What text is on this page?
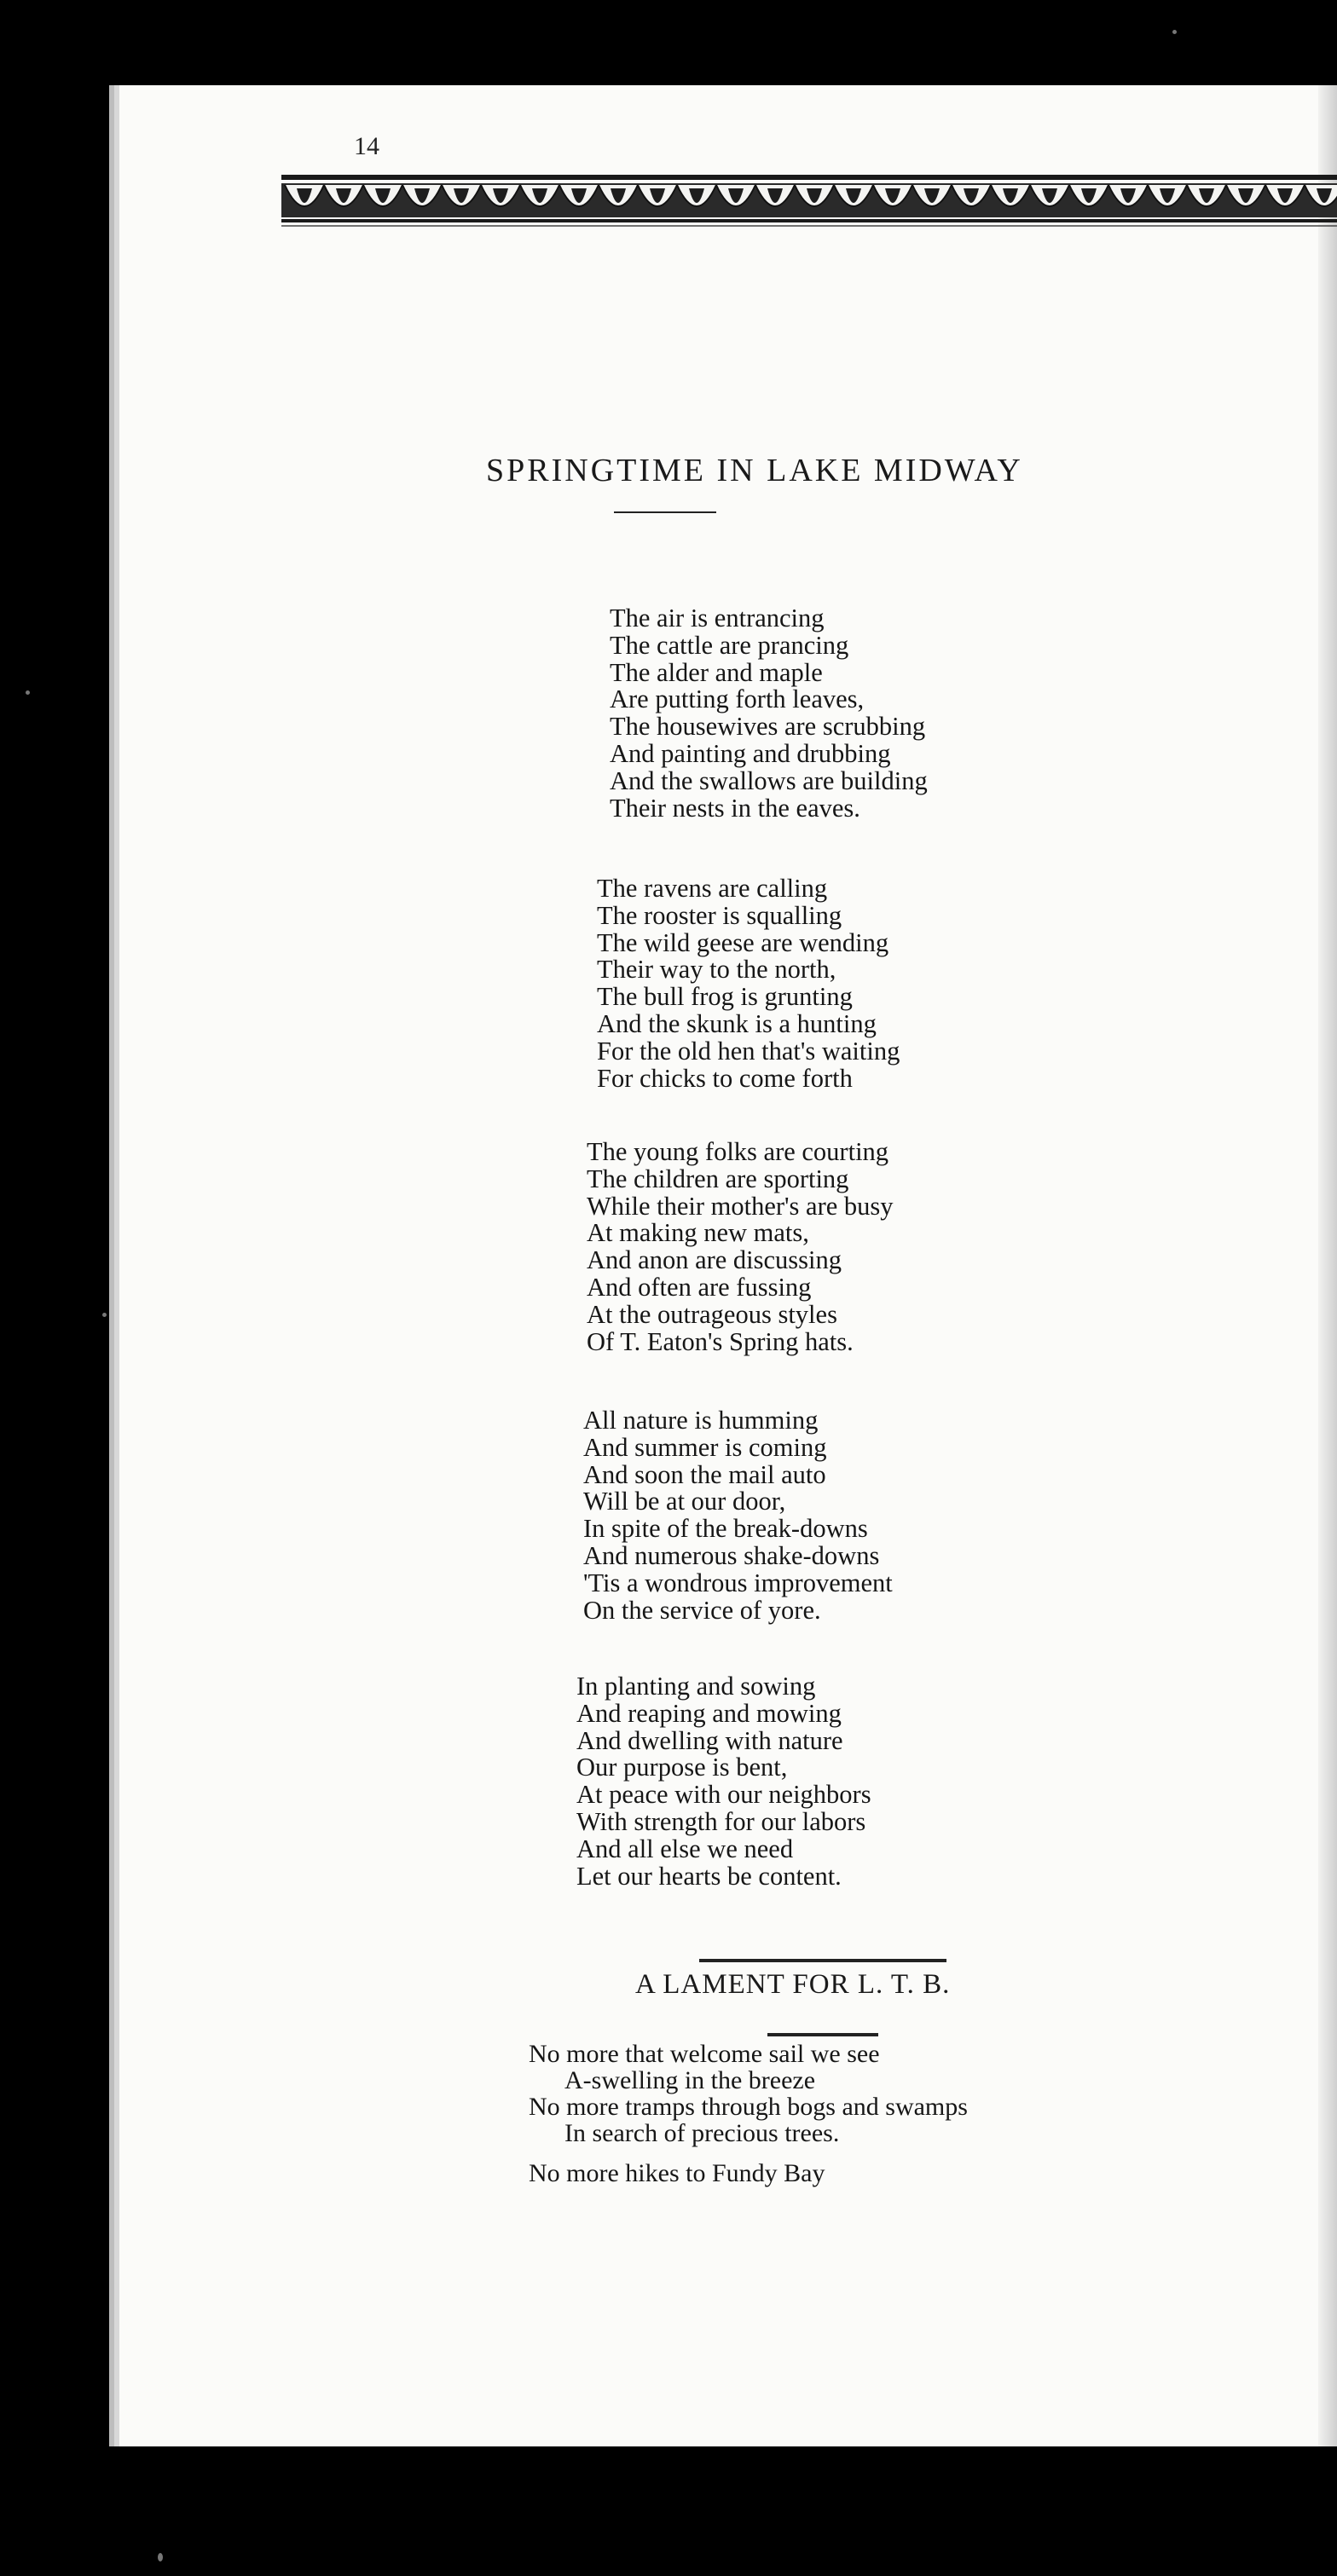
14
SPRINGTIME IN LAKE MIDWAY
The air is entrancing
The cattle are prancing
The alder and maple
Are putting forth leaves,
The housewives are scrubbing
And painting and drubbing
And the swallows are building
Their nests in the eaves.
The ravens are calling
The rooster is squalling
The wild geese are wending
Their way to the north,
The bull frog is grunting
And the skunk is a hunting
For the old hen that's waiting
For chicks to come forth
The young folks are courting
The children are sporting
While their mother's are busy
At making new mats,
And anon are discussing
And often are fussing
At the outrageous styles
Of T. Eaton's Spring hats.
All nature is humming
And summer is coming
And soon the mail auto
Will be at our door,
In spite of the break-downs
And numerous shake-downs
'Tis a wondrous improvement
On the service of yore.
In planting and sowing
And reaping and mowing
And dwelling with nature
Our purpose is bent,
At peace with our neighbors
With strength for our labors
And all else we need
Let our hearts be content.
A LAMENT FOR L. T. B.
No more that welcome sail we see
A-swelling in the breeze
No more tramps through bogs and swamps
In search of precious trees.
No more hikes to Fundy Bay
